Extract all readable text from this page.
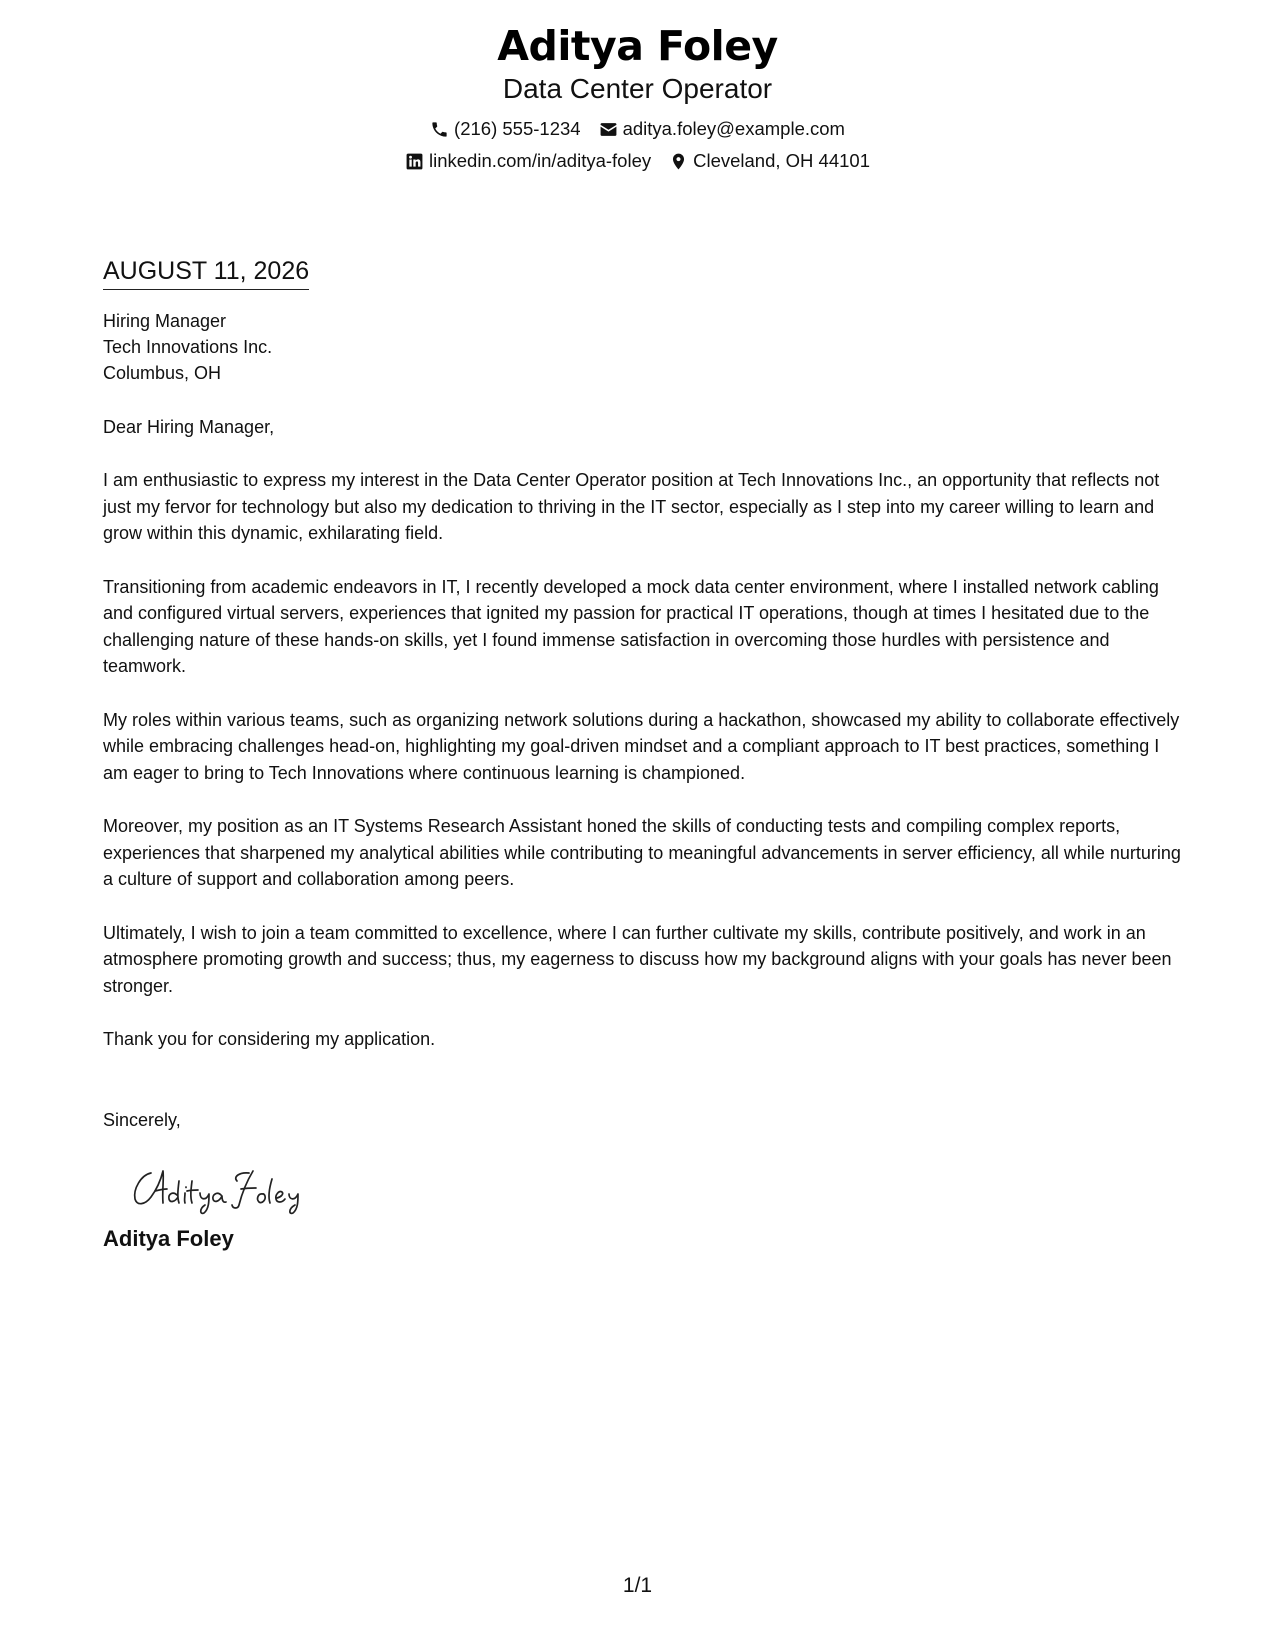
Aditya Foley
Data Center Operator
(216) 555-1234 aditya.foley@example.com
linkedin.com/in/aditya-foley Cleveland, OH 44101
AUGUST 11, 2026
Hiring Manager
Tech Innovations Inc.
Columbus, OH
Dear Hiring Manager,
I am enthusiastic to express my interest in the Data Center Operator position at Tech Innovations Inc., an opportunity that reflects not just my fervor for technology but also my dedication to thriving in the IT sector, especially as I step into my career willing to learn and grow within this dynamic, exhilarating field.
Transitioning from academic endeavors in IT, I recently developed a mock data center environment, where I installed network cabling and configured virtual servers, experiences that ignited my passion for practical IT operations, though at times I hesitated due to the challenging nature of these hands-on skills, yet I found immense satisfaction in overcoming those hurdles with persistence and teamwork.
My roles within various teams, such as organizing network solutions during a hackathon, showcased my ability to collaborate effectively while embracing challenges head-on, highlighting my goal-driven mindset and a compliant approach to IT best practices, something I am eager to bring to Tech Innovations where continuous learning is championed.
Moreover, my position as an IT Systems Research Assistant honed the skills of conducting tests and compiling complex reports, experiences that sharpened my analytical abilities while contributing to meaningful advancements in server efficiency, all while nurturing a culture of support and collaboration among peers.
Ultimately, I wish to join a team committed to excellence, where I can further cultivate my skills, contribute positively, and work in an atmosphere promoting growth and success; thus, my eagerness to discuss how my background aligns with your goals has never been stronger.
Thank you for considering my application.
Sincerely,
Aditya Foley
1/1
